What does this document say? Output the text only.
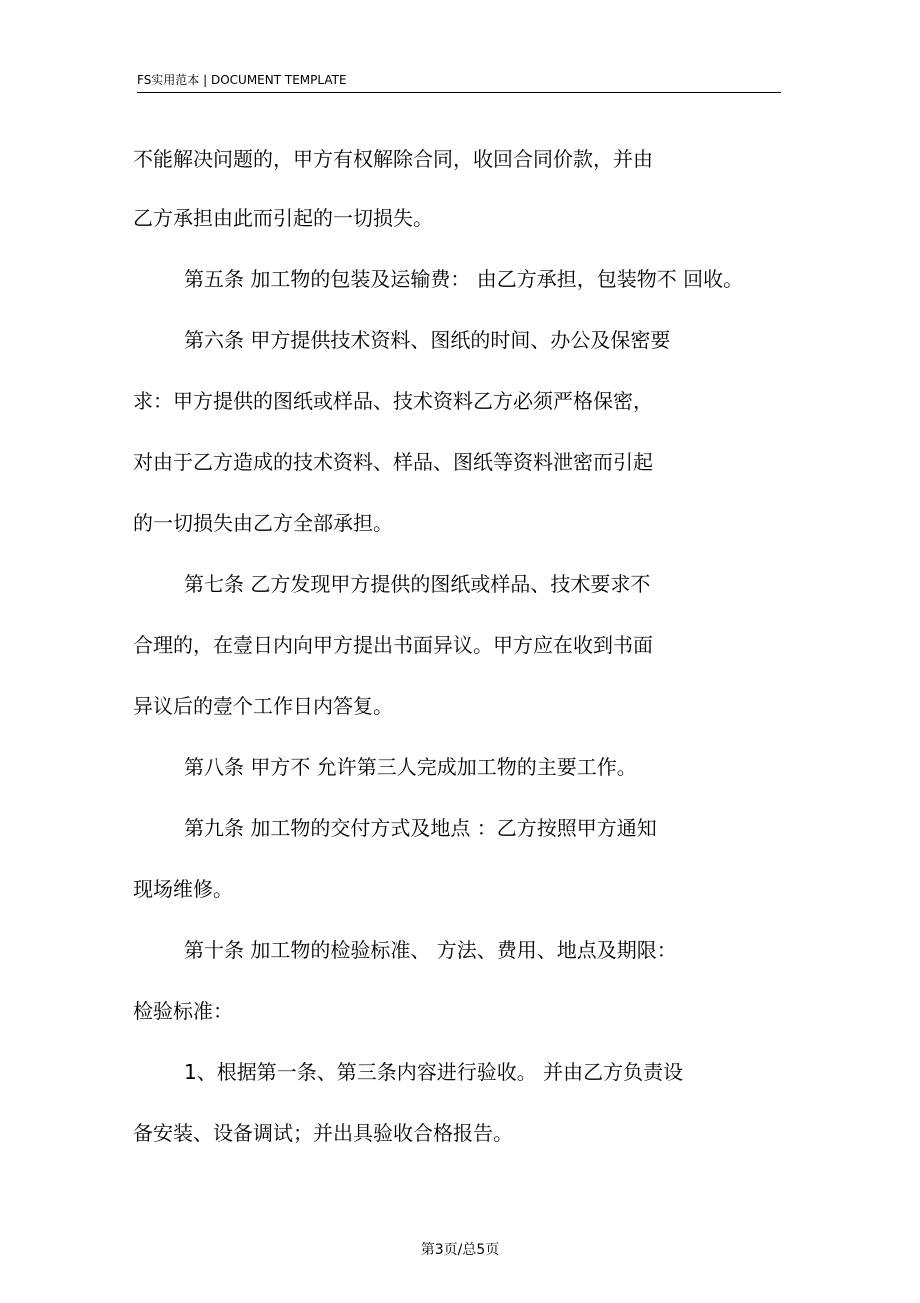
FS实用范本 | DOCUMENT TEMPLATE
不能解决问题的，甲方有权解除合同，收回合同价款，并由
乙方承担由此而引起的一切损失。
第五条 加工物的包装及运输费： 由乙方承担，包装物不 回收。
第六条 甲方提供技术资料、图纸的时间、办公及保密要
求：甲方提供的图纸或样品、技术资料乙方必须严格保密，
对由于乙方造成的技术资料、样品、图纸等资料泄密而引起
的一切损失由乙方全部承担。
第七条 乙方发现甲方提供的图纸或样品、技术要求不
合理的，在壹日内向甲方提出书面异议。甲方应在收到书面
异议后的壹个工作日内答复。
第八条 甲方不 允许第三人完成加工物的主要工作。
第九条 加工物的交付方式及地点 ：乙方按照甲方通知
现场维修。
第十条 加工物的检验标准、 方法、费用、地点及期限：
检验标准：
1、根据第一条、第三条内容进行验收。 并由乙方负责设
备安装、设备调试；并出具验收合格报告。
第3页/总5页
